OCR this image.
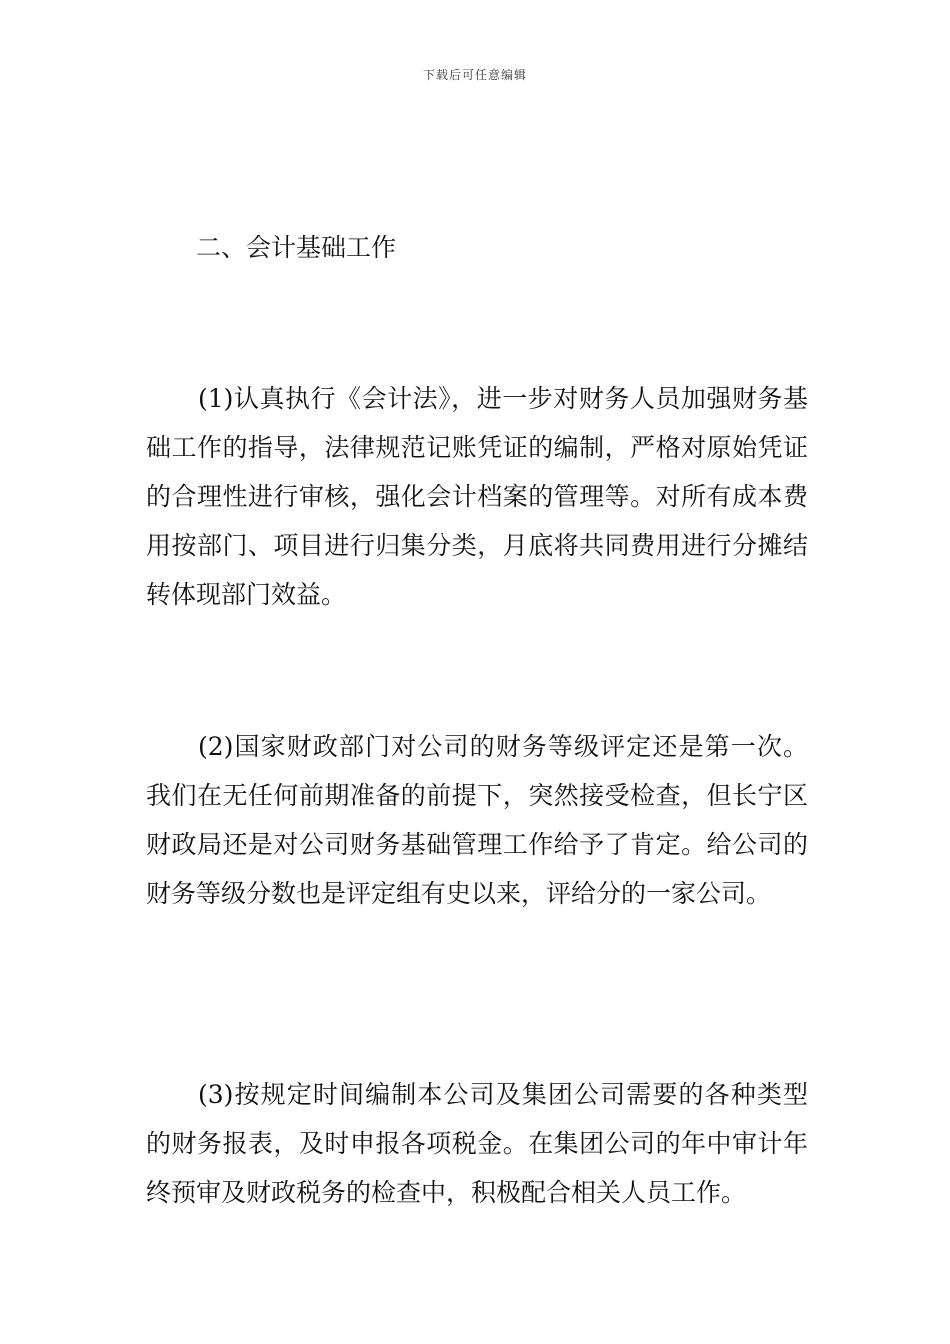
下载后可任意编辑
二、会计基础工作

(1)认真执行《会计法》，进一步对财务人员加强财务基础工作的指导，法律规范记账凭证的编制，严格对原始凭证的合理性进行审核，强化会计档案的管理等。对所有成本费用按部门、项目进行归集分类，月底将共同费用进行分摊结转体现部门效益。

(2)国家财政部门对公司的财务等级评定还是第一次。我们在无任何前期准备的前提下，突然接受检查，但长宁区财政局还是对公司财务基础管理工作给予了肯定。给公司的财务等级分数也是评定组有史以来，评给分的一家公司。

(3)按规定时间编制本公司及集团公司需要的各种类型的财务报表，及时申报各项税金。在集团公司的年中审计年终预审及财政税务的检查中，积极配合相关人员工作。
